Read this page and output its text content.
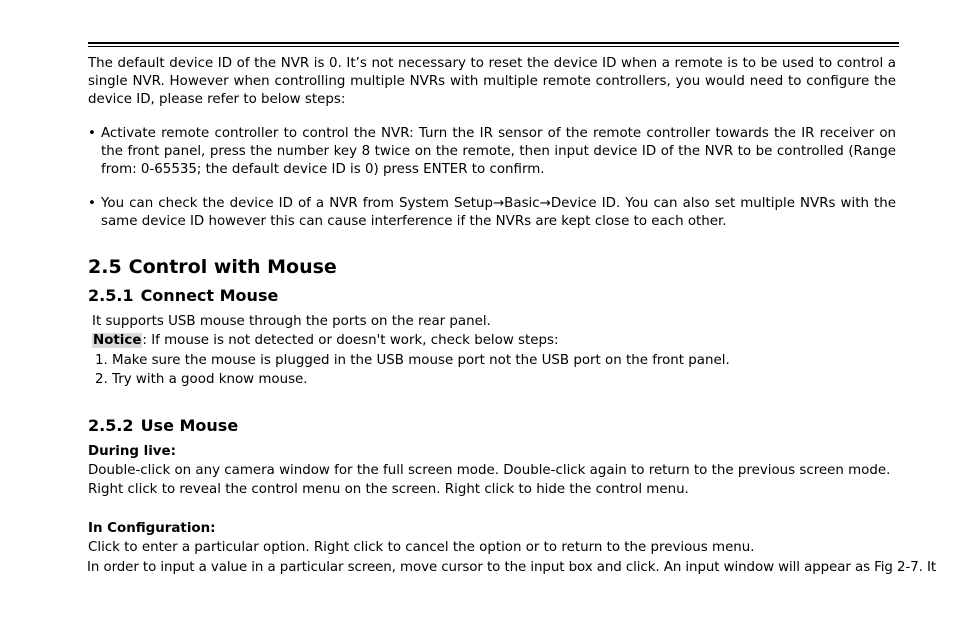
The default device ID of the NVR is 0. It’s not necessary to reset the device ID when a remote is to be used to control a single NVR. However when controlling multiple NVRs with multiple remote controllers, you would need to configure the device ID, please refer to below steps:
• Activate remote controller to control the NVR: Turn the IR sensor of the remote controller towards the IR receiver on the front panel, press the number key 8 twice on the remote, then input device ID of the NVR to be controlled (Range from: 0-65535; the default device ID is 0) press ENTER to confirm.
• You can check the device ID of a NVR from System Setup→Basic→Device ID. You can also set multiple NVRs with the same device ID however this can cause interference if the NVRs are kept close to each other.
2.5 Control with Mouse
2.5.1 Connect Mouse
It supports USB mouse through the ports on the rear panel.
Notice: If mouse is not detected or doesn't work, check below steps:
1. Make sure the mouse is plugged in the USB mouse port not the USB port on the front panel.
2. Try with a good know mouse.
2.5.2 Use Mouse
During live:
Double-click on any camera window for the full screen mode. Double-click again to return to the previous screen mode.
Right click to reveal the control menu on the screen. Right click to hide the control menu.
In Configuration:
Click to enter a particular option. Right click to cancel the option or to return to the previous menu.
In order to input a value in a particular screen, move cursor to the input box and click. An input window will appear as Fig 2-7. It
